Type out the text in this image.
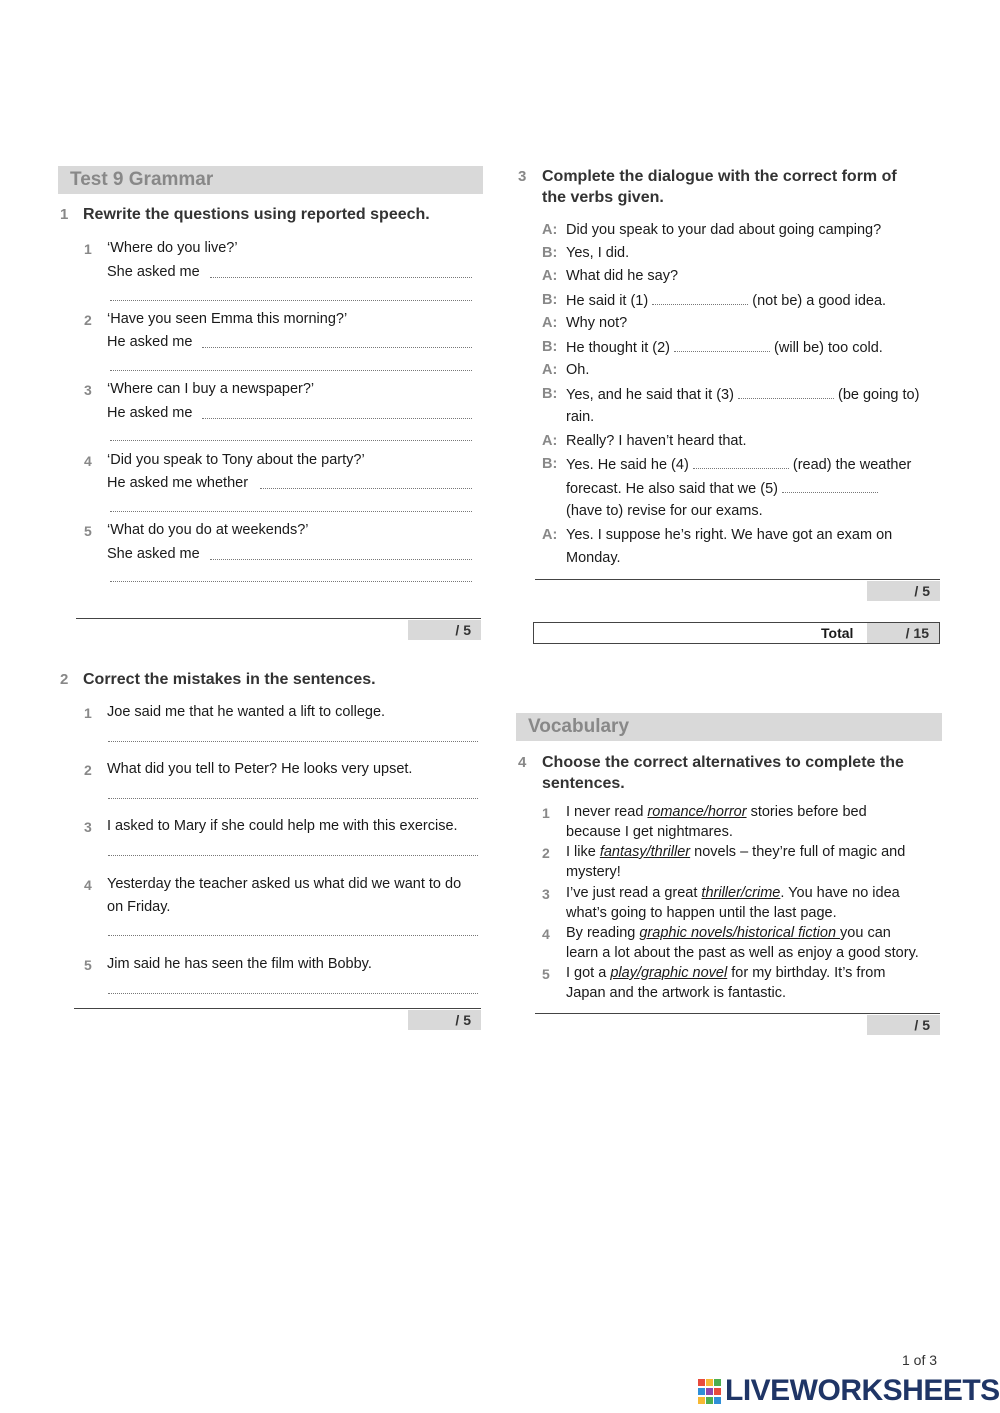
Test 9 Grammar
1 Rewrite the questions using reported speech.
1 ‘Where do you live?’
She asked me
2 ‘Have you seen Emma this morning?’
He asked me
3 ‘Where can I buy a newspaper?’
He asked me
4 ‘Did you speak to Tony about the party?’
He asked me whether
5 ‘What do you do at weekends?’
She asked me
/ 5
2 Correct the mistakes in the sentences.
1 Joe said me that he wanted a lift to college.
2 What did you tell to Peter? He looks very upset.
3 I asked to Mary if she could help me with this exercise.
4 Yesterday the teacher asked us what did we want to do
on Friday.
5 Jim said he has seen the film with Bobby.
/ 5
3 Complete the dialogue with the correct form of
the verbs given.
A: Did you speak to your dad about going camping?
B: Yes, I did.
A: What did he say?
B: He said it (1)	(not be) a good idea.
A: Why not?
B: He thought it (2)	(will be) too cold.
A: Oh.
B: Yes, and he said that it (3)	(be going to)
rain.
A: Really? I haven’t heard that.
B: Yes. He said he (4)	(read) the weather
forecast. He also said that we (5)
(have to) revise for our exams.
A: Yes. I suppose he’s right. We have got an exam on
Monday.
/ 5
Total	/ 15
Vocabulary
4 Choose the correct alternatives to complete the
sentences.
1 I never read romance/horror stories before bed
because I get nightmares.
2 I like fantasy/thriller novels – they’re full of magic and
mystery!
3 I’ve just read a great thriller/crime. You have no idea
what’s going to happen until the last page.
4 By reading graphic novels/historical fiction you can
learn a lot about the past as well as enjoy a good story.
5 I got a play/graphic novel for my birthday. It’s from
Japan and the artwork is fantastic.
/ 5
1 of 3
LIVEWORKSHEETS
